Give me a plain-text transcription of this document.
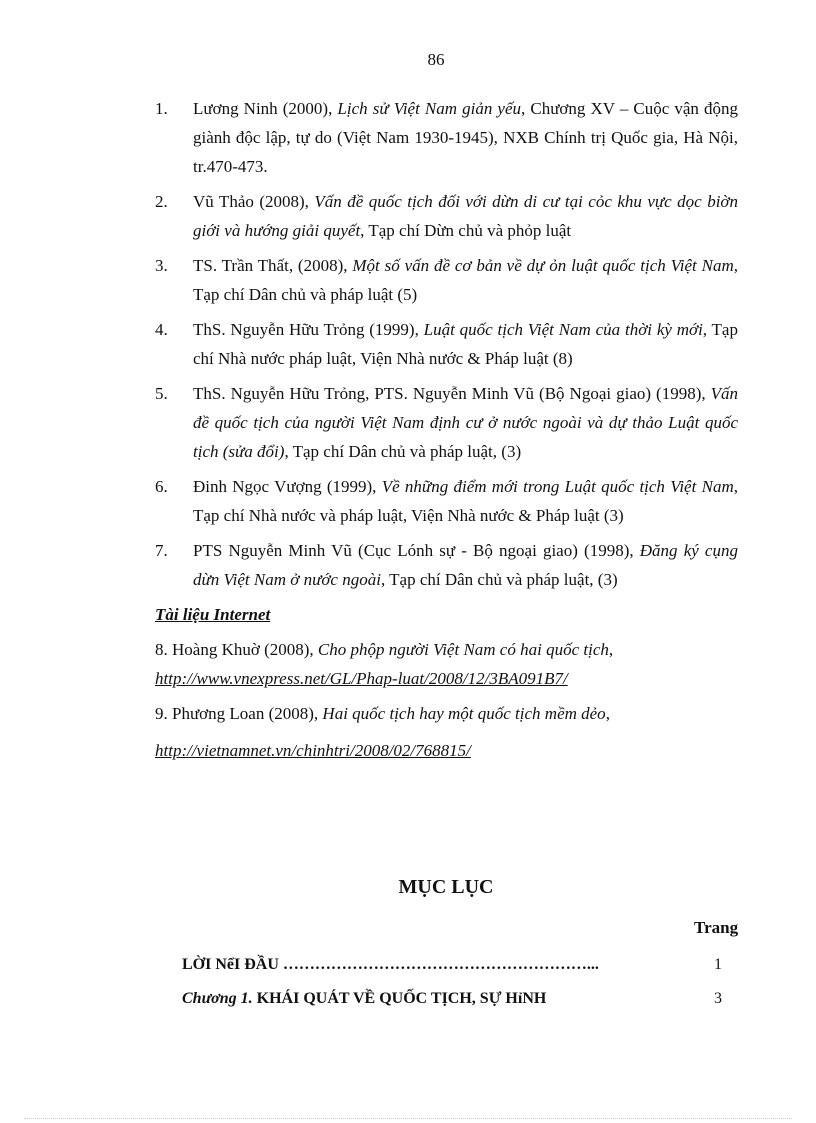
86
1.	Lương Ninh (2000), Lịch sử Việt Nam giản yếu, Chương XV – Cuộc vận động giành độc lập, tự do (Việt Nam 1930-1945), NXB Chính trị Quốc gia, Hà Nội, tr.470-473.
2.	Vũ Thảo (2008), Vấn đề quốc tịch đối với dừn di cư tại cỏc khu vực dọc biờn giới và hướng giải quyết, Tạp chí Dừn chủ và phỏp luật
3.	TS. Trần Thất, (2008), Một số vấn đề cơ bản về dự ỏn luật quốc tịch Việt Nam, Tạp chí Dân chủ và pháp luật (5)
4.	ThS. Nguyễn Hữu Trỏng (1999), Luật quốc tịch Việt Nam của thời kỳ mới, Tạp chí Nhà nước pháp luật, Viện Nhà nước & Pháp luật (8)
5.	ThS. Nguyễn Hữu Trỏng, PTS. Nguyễn Minh Vũ (Bộ Ngoại giao) (1998), Vấn đề quốc tịch của người Việt Nam định cư ở nước ngoài và dự thảo Luật quốc tịch (sửa đổi), Tạp chí Dân chủ và pháp luật, (3)
6.	Đinh Ngọc Vượng (1999), Về những điểm mới trong Luật quốc tịch Việt Nam, Tạp chí Nhà nước và pháp luật, Viện Nhà nước & Pháp luật (3)
7.	PTS Nguyễn Minh Vũ (Cục Lónh sự - Bộ ngoại giao) (1998), Đăng ký cụng dừn Việt Nam ở nước ngoài, Tạp chí Dân chủ và pháp luật, (3)
Tài liệu Internet
8. Hoàng Khuờ (2008), Cho phộp người Việt Nam có hai quốc tịch,
http://www.vnexpress.net/GL/Phap-luat/2008/12/3BA091B7/
9. Phương Loan (2008), Hai quốc tịch hay một quốc tịch mềm dẻo,
http://vietnamnet.vn/chinhtri/2008/02/768815/
MỤC LỤC
Trang
LỜI NểI ĐẦU …………………………………………………...	1
Chương 1. KHÁI QUÁT VỀ QUỐC TỊCH, SỰ HỉNH	3
